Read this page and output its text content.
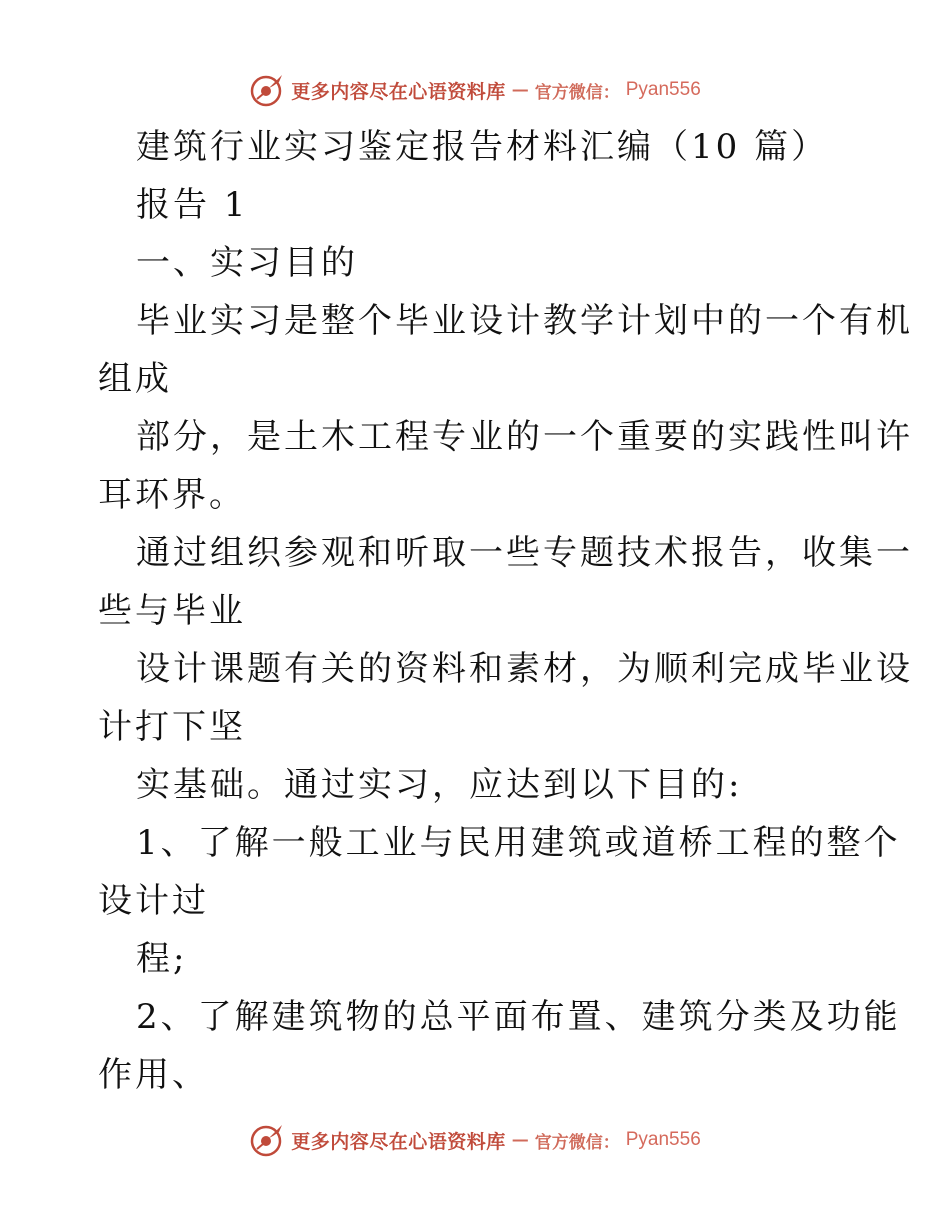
更多内容尽在心语资料库 — 官方微信： Pyan556
建筑行业实习鉴定报告材料汇编（10 篇）
报告 1
一、实习目的
毕业实习是整个毕业设计教学计划中的一个有机
组成
部分，是土木工程专业的一个重要的实践性叫许
耳环界。
通过组织参观和听取一些专题技术报告，收集一
些与毕业
设计课题有关的资料和素材，为顺利完成毕业设
计打下坚
实基础。通过实习，应达到以下目的:
1、了解一般工业与民用建筑或道桥工程的整个
设计过
程;
2、了解建筑物的总平面布置、建筑分类及功能
作用、
更多内容尽在心语资料库 — 官方微信： Pyan556
